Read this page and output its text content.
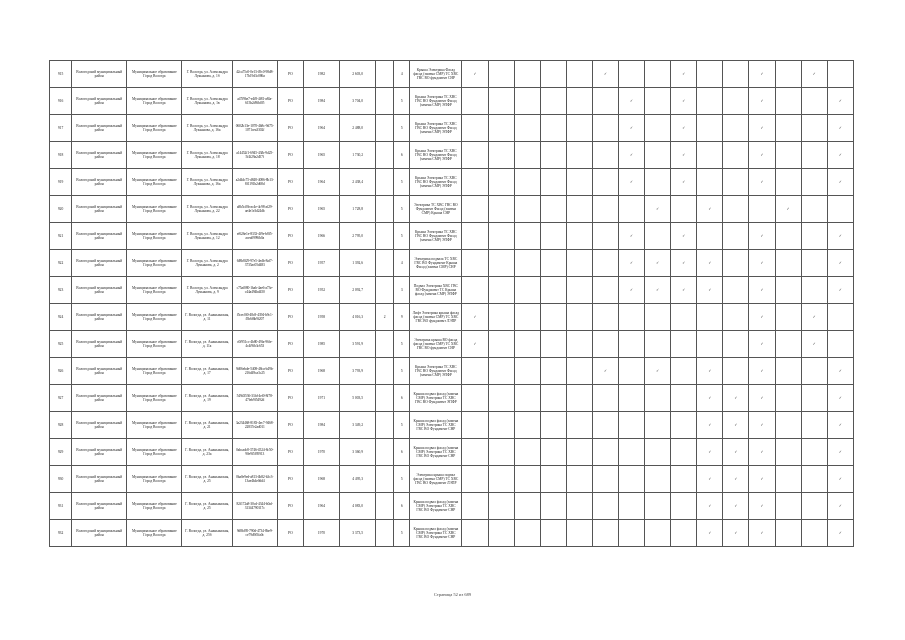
915	Вологодский муниципальный район	Муниципальное образование Город Вологда	Г. Вологда, ул. Александра Лукьянова, д. 1б	42ca75c0-0e13-49c0-98d8-17b19d3c086a	РО	1982	2 603,0		4	Крыша Электрика Фасад фасад (замена СМР) ТС ХВС ГВС ВО фундамент СНР	✓					✓			✓			✓		✓	
916	Вологодский муниципальный район	Муниципальное образование Город Вологда	Г. Вологда, ул. Александра Лукьянова, д. 1в	a47f9be7-e4f8-4f81-a8fa-615b2d9fbf05	РО	1984	3 704,0		5	Крыша Электрика ТС ХВС ГВС ВО Фундамент Фасад (замена СМР) ЭПФР							✓		✓			✓			✓
917	Вологодский муниципальный район	Муниципальное образование Город Вологда	Г. Вологда, ул. Александра Лукьянова, д. 16а	0602b13e-1070-4b8c-9d75-1071cea3302f	РО	1964	2 488,0		5	Крыша Электрика ТС ХВС ГВС ВО Фундамент Фасад (замена СМР) ЭПФР							✓		✓			✓			✓
918	Вологодский муниципальный район	Муниципальное образование Город Вологда	Г. Вологда, ул. Александра Лукьянова, д. 18	a14452f1-6945-43fb-9d25-5f4f29a2d57f	РО	1965	1 730,2		6	Крыша Электрика ТС ХВС ГВС ВО Фундамент Фасад (замена СМР) ЭПФР							✓		✓			✓			✓
919	Вологодский муниципальный район	Муниципальное образование Город Вологда	Г. Вологда, ул. Александра Лукьянова, д. 16а	a2d4dc75-d848-4086-8b13-8f1191b2d68d	РО	1964	2 438,4		5	Крыша Электрика ТС ХВС ГВС ВО Фундамент Фасад (замена СМР) ЭПФР							✓		✓			✓			✓
920	Вологодский муниципальный район	Муниципальное образование Город Вологда	Г. Вологда, ул. Александра Лукьянова, д. 22	a8b5cf0b-ac4e-4c98-af29-ae4e1e3d24db	РО	1965	1 728,8		5	Электрика ТС ХВС ГВС ВО Фундамент Фасад (замена СМР) Крыша СНР								✓		✓			✓		
921	Вологодский муниципальный район	Муниципальное образование Город Вологда	Г. Вологда, ул. Александра Лукьянова, д. 12	ef626e1e-8333-4f9e-b8f5-acea0999fb0a	РО	1966	2 795,0		5	Крыша Электрика ТС ХВС ГВС ВО Фундамент Фасад (замена СМР) ЭПФР							✓		✓			✓			✓
922	Вологодский муниципальный район	Муниципальное образование Город Вологда	Г. Вологда, ул. Александра Лукьянова, д. 2	6f8b8f29-97e5-4edb-8af7-3735ac05d483	РО	1957	1 392,6		4	Электрика подвала ТС ХВС ГВС ВО Фундамент Крыша Фасад (замена СМР) СНР							✓	✓	✓	✓		✓			✓
923	Вологодский муниципальный район	Муниципальное образование Город Вологда	Г. Вологда, ул. Александра Лукьянова, д. 9	c75af080-1bab-4ae6-a73e-c44a494bd450	РО	1952	2 092,7		3	Подвал Электрика ХВС ГВС ВО Фундамент ТС Крыша фасад (замена СМР) ЭПФР							✓	✓	✓	✓		✓			✓
924	Вологодский муниципальный район	Муниципальное образование Город Вологда	Г. Вологда, ул. Ананьинская, д. 11	f5cec0f0-48c8-4394-b9c1-f5b6f6b9f207	РО	1958	4 016,3	2	9	Лифт Электрика крыша фасад фасад (замена СМР) ТС ХВС ГВС ВО фундамент ЛЭПР	✓											✓		✓	
925	Вологодский муниципальный район	Муниципальное образование Город Вологда	Г. Вологда, ул. Ананьинская, д. 11а	c0f951cc-4b80-49fa-96fe-4c4f9fb3c653	РО	1985	3 591,9		5	Электрика крыша ВО фасад фасад (замена СМР) ТС ХВС ГВС ВО фундамент СНР	✓											✓		✓	
926	Вологодский муниципальный район	Муниципальное образование Город Вологда	Г. Вологда, ул. Ананьинская, д. 17	9d06ebde-5408-48ca-b49b-216d49ca3c25	РО	1968	3 793,9		5	Крыша Электрика ТС ХВС ГВС ВО Фундамент Фасад (замена СМР) ЭПФР						✓		✓		✓		✓			✓
927	Вологодский муниципальный район	Муниципальное образование Город Вологда	Г. Вологда, ул. Ананьинская, д. 19	549d3536-33fd-4ef0-8f78-47feb9f5492d	РО	1971	5 003,5		6	Крыша подвал фасад (замена СМР) Электрика ТС ХВС ГВС ВО Фундамент ЭПФР										✓	✓	✓			✓
928	Вологодский муниципальный район	Муниципальное образование Город Вологда	Г. Вологда, ул. Ананьинская, д. 21	3a234468-8183-4ec7-9468-22837e2ad011	РО	1984	3 349,2		5	Крыша подвал фасад (замена СМР) Электрика ТС ХВС ГВС ВО Фундамент СНР										✓	✓	✓			✓
929	Вологодский муниципальный район	Муниципальное образование Город Вологда	Г. Вологда, ул. Ананьинская, д. 23а	0abcadc8-3746-4524-8c50-90e9f5f95913	РО	1970	3 360,9		6	Крыша подвал фасад (замена СМР) Электрика ТС ХВС ГВС ВО Фундамент СНР										✓	✓	✓			✓
930	Вологодский муниципальный район	Муниципальное образование Город Вологда	Г. Вологда, ул. Ананьинская, д. 25	0ba0e9ed-a813-4b82-b3c3-13ae4b4e0dd4	РО	1968	4 495,3		5	Электрика крыша подвал фасад (замена СМР) ТС ХВС ГВС ВО Фундамент ЛЭПР										✓	✓	✓			✓
931	Вологодский муниципальный район	Муниципальное образование Город Вологда	Г. Вологда, ул. Ананьинская, д. 25	82f172a8-30cd-4344-b0af-31344790117c	РО	1964	4 083,0		6	Крыша подвал фасад (замена СМР) Электрика ТС ХВС ГВС ВО Фундамент СНР										✓	✓	✓			✓
932	Вологодский муниципальный район	Муниципальное образование Город Вологда	Г. Вологда, ул. Ананьинская, д. 25б	9d8bf95-790d-4734-8be9-ce79d9f5fa0c	РО	1970	3 373,5		5	Крыша подвал фасад (замена СМР) Электрика ТС ХВС ГВС ВО Фундамент СНР										✓	✓	✓			✓
Страница 52 из 689
